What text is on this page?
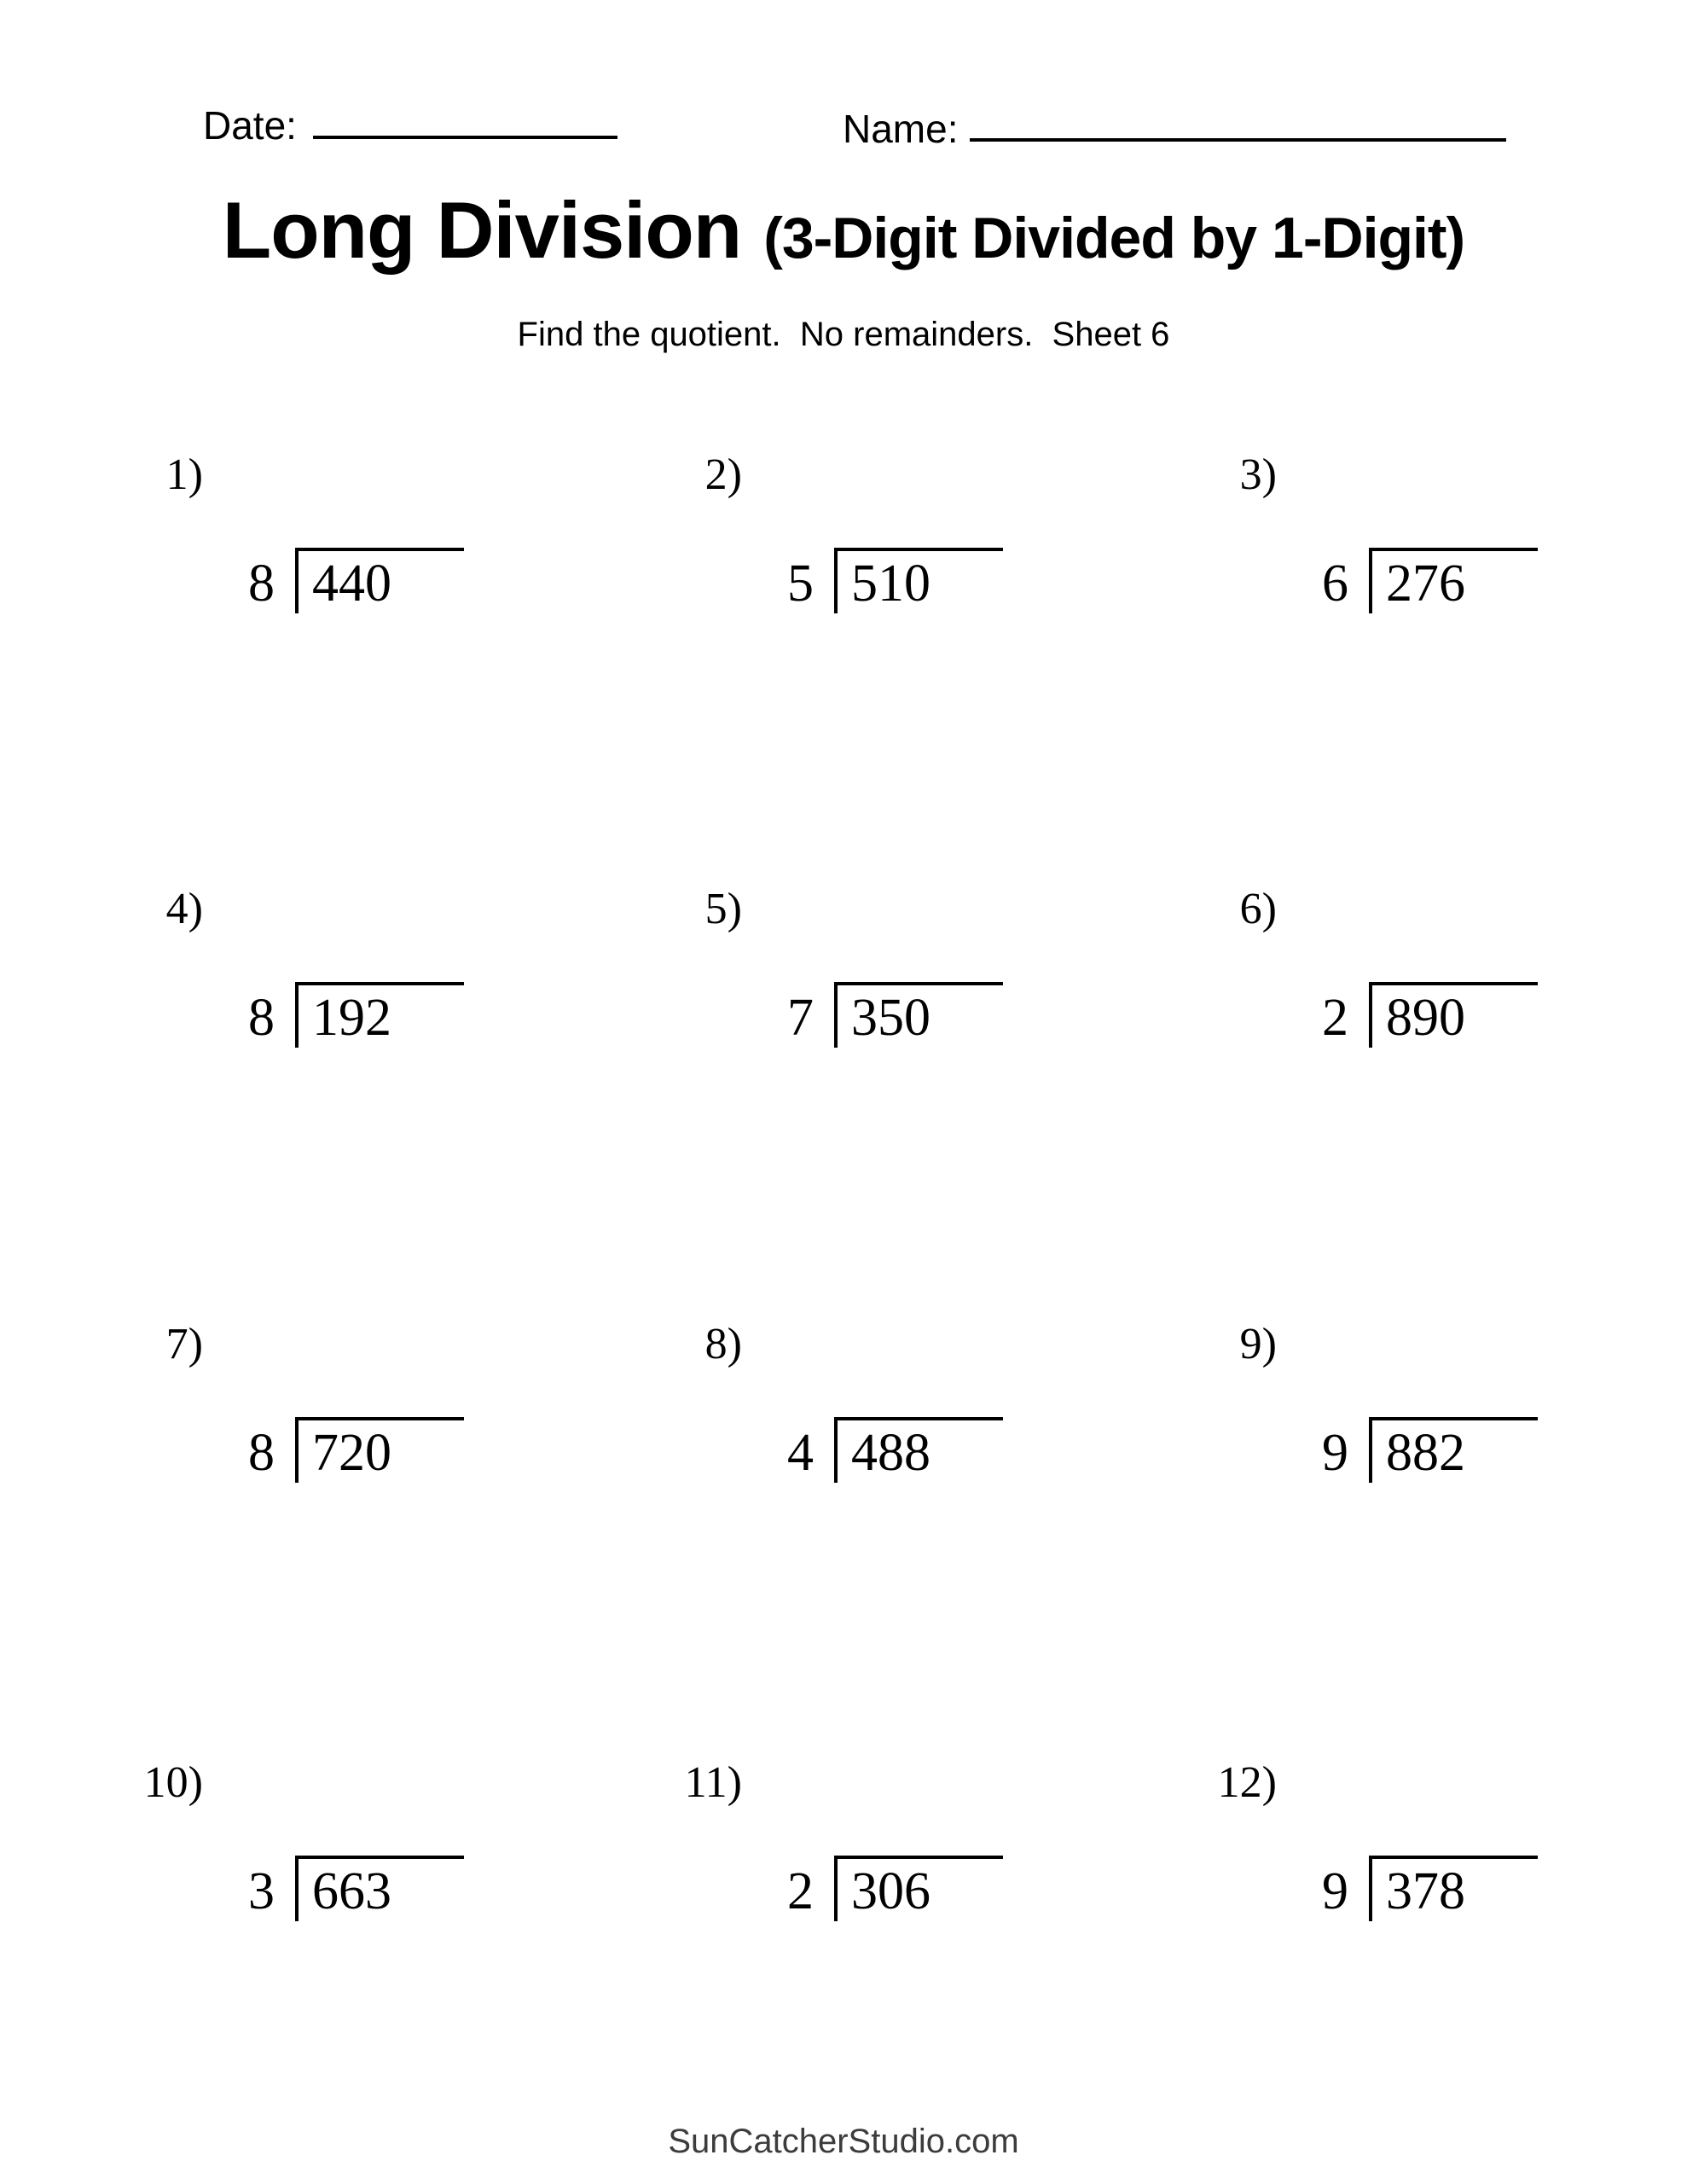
Date:	Name:
Long Division (3-Digit Divided by 1-Digit)
Find the quotient.  No remainders.  Sheet 6
1)
8 440
2)
5 510
3)
6 276
4)
8 192
5)
7 350
6)
2 890
7)
8 720
8)
4 488
9)
9 882
10)
3 663
11)
2 306
12)
9 378
SunCatcherStudio.com
